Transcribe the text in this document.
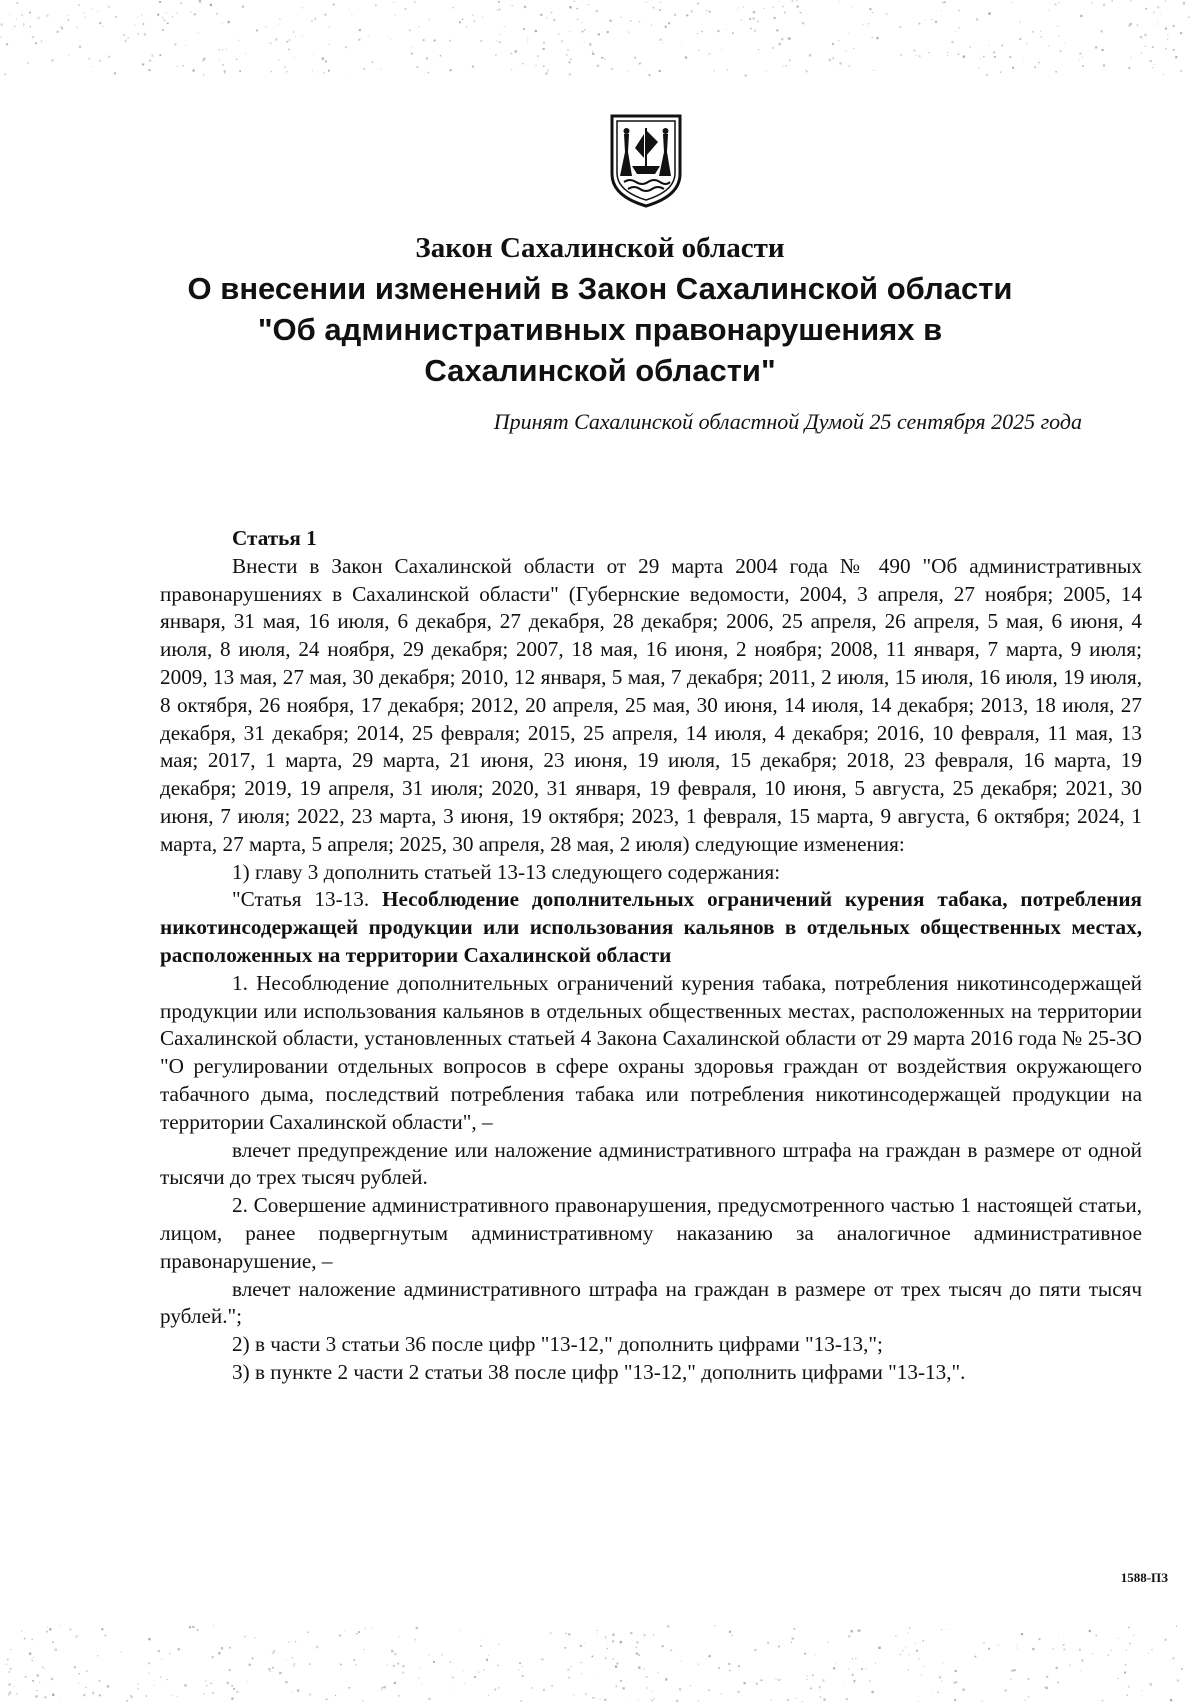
Закон Сахалинской области
О внесении изменений в Закон Сахалинской области "Об административных правонарушениях в Сахалинской области"
Принят Сахалинской областной Думой 25 сентября 2025 года

Статья 1

Внести в Закон Сахалинской области от 29 марта 2004 года № 490 "Об административных правонарушениях в Сахалинской области" (Губернские ведомости, 2004, 3 апреля, 27 ноября; 2005, 14 января, 31 мая, 16 июля, 6 декабря, 27 декабря, 28 декабря; 2006, 25 апреля, 26 апреля, 5 мая, 6 июня, 4 июля, 8 июля, 24 ноября, 29 декабря; 2007, 18 мая, 16 июня, 2 ноября; 2008, 11 января, 7 марта, 9 июля; 2009, 13 мая, 27 мая, 30 декабря; 2010, 12 января, 5 мая, 7 декабря; 2011, 2 июля, 15 июля, 16 июля, 19 июля, 8 октября, 26 ноября, 17 декабря; 2012, 20 апреля, 25 мая, 30 июня, 14 июля, 14 декабря; 2013, 18 июля, 27 декабря, 31 декабря; 2014, 25 февраля; 2015, 25 апреля, 14 июля, 4 декабря; 2016, 10 февраля, 11 мая, 13 мая; 2017, 1 марта, 29 марта, 21 июня, 23 июня, 19 июля, 15 декабря; 2018, 23 февраля, 16 марта, 19 декабря; 2019, 19 апреля, 31 июля; 2020, 31 января, 19 февраля, 10 июня, 5 августа, 25 декабря; 2021, 30 июня, 7 июля; 2022, 23 марта, 3 июня, 19 октября; 2023, 1 февраля, 15 марта, 9 августа, 6 октября; 2024, 1 марта, 27 марта, 5 апреля; 2025, 30 апреля, 28 мая, 2 июля) следующие изменения:

1) главу 3 дополнить статьей 13-13 следующего содержания:

"Статья 13-13. Несоблюдение дополнительных ограничений курения табака, потребления никотинсодержащей продукции или использования кальянов в отдельных общественных местах, расположенных на территории Сахалинской области

1. Несоблюдение дополнительных ограничений курения табака, потребления никотинсодержащей продукции или использования кальянов в отдельных общественных местах, расположенных на территории Сахалинской области, установленных статьей 4 Закона Сахалинской области от 29 марта 2016 года № 25-ЗО "О регулировании отдельных вопросов в сфере охраны здоровья граждан от воздействия окружающего табачного дыма, последствий потребления табака или потребления никотинсодержащей продукции на территории Сахалинской области", –

влечет предупреждение или наложение административного штрафа на граждан в размере от одной тысячи до трех тысяч рублей.

2. Совершение административного правонарушения, предусмотренного частью 1 настоящей статьи, лицом, ранее подвергнутым административному наказанию за аналогичное административное правонарушение, –

влечет наложение административного штрафа на граждан в размере от трех тысяч до пяти тысяч рублей.";

2) в части 3 статьи 36 после цифр "13-12," дополнить цифрами "13-13,";

3) в пункте 2 части 2 статьи 38 после цифр "13-12," дополнить цифрами "13-13,".

1588-ПЗ
